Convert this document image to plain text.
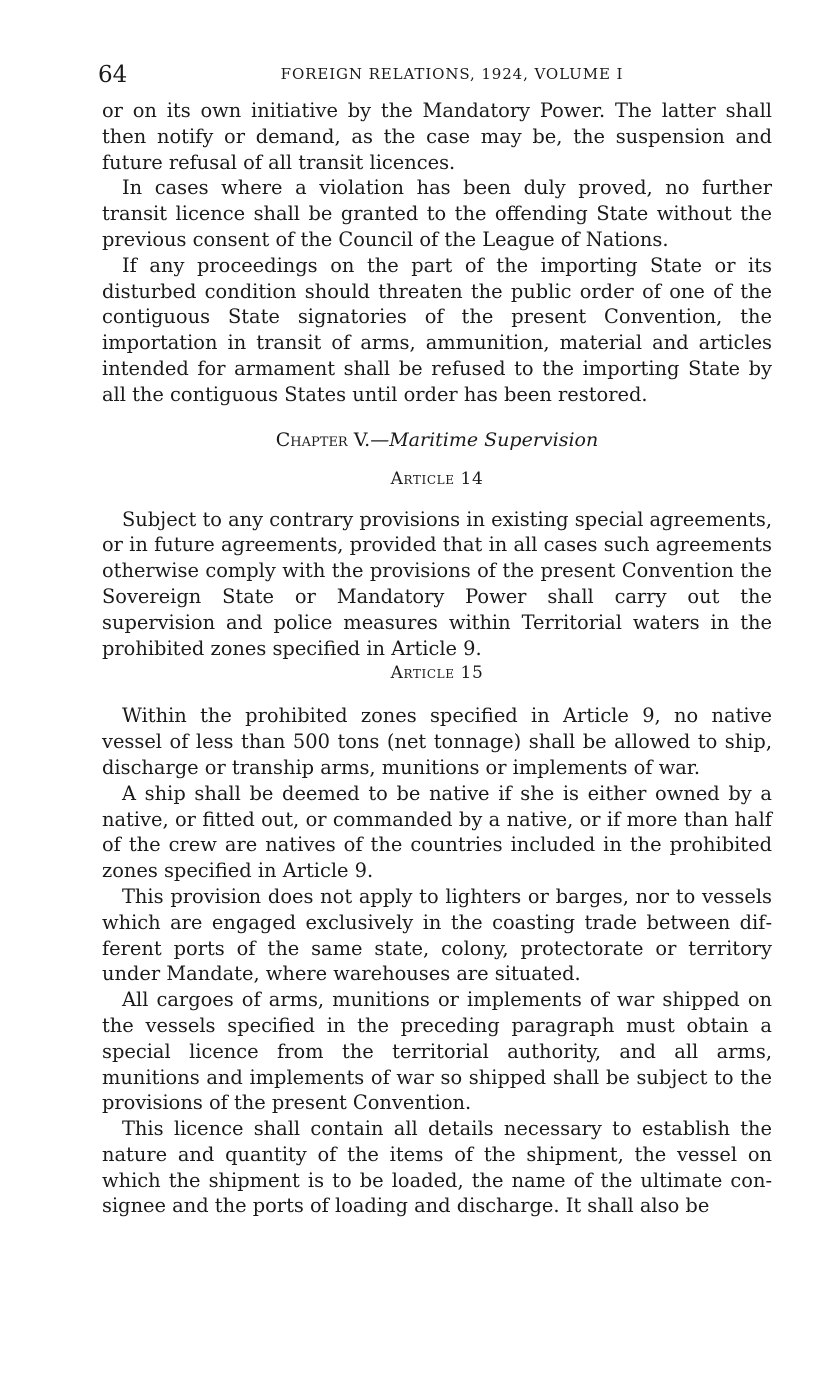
64	FOREIGN RELATIONS, 1924, VOLUME I

or on its own initiative by the Mandatory Power. The latter shall then notify or demand, as the case may be, the suspension and future refusal of all transit licences.

In cases where a violation has been duly proved, no further transit licence shall be granted to the offending State without the previous consent of the Council of the League of Nations.

If any proceedings on the part of the importing State or its disturbed condition should threaten the public order of one of the contiguous State signatories of the present Convention, the importation in transit of arms, ammunition, material and articles intended for armament shall be refused to the importing State by all the contiguous States until order has been restored.

Chapter V.—Maritime Supervision
Article 14

Subject to any contrary provisions in existing special agreements, or in future agreements, provided that in all cases such agreements otherwise comply with the provisions of the present Convention the Sovereign State or Mandatory Power shall carry out the supervision and police measures within Territorial waters in the prohibited zones specified in Article 9.

Article 15

Within the prohibited zones specified in Article 9, no native vessel of less than 500 tons (net tonnage) shall be allowed to ship, discharge or tranship arms, munitions or implements of war.

A ship shall be deemed to be native if she is either owned by a native, or fitted out, or commanded by a native, or if more than half of the crew are natives of the countries included in the prohibited zones specified in Article 9.

This provision does not apply to lighters or barges, nor to vessels which are engaged exclusively in the coasting trade between different ports of the same state, colony, protectorate or territory under Mandate, where warehouses are situated.

All cargoes of arms, munitions or implements of war shipped on the vessels specified in the preceding paragraph must obtain a special licence from the territorial authority, and all arms, munitions and implements of war so shipped shall be subject to the provisions of the present Convention.

This licence shall contain all details necessary to establish the nature and quantity of the items of the shipment, the vessel on which the shipment is to be loaded, the name of the ultimate consignee and the ports of loading and discharge. It shall also be
